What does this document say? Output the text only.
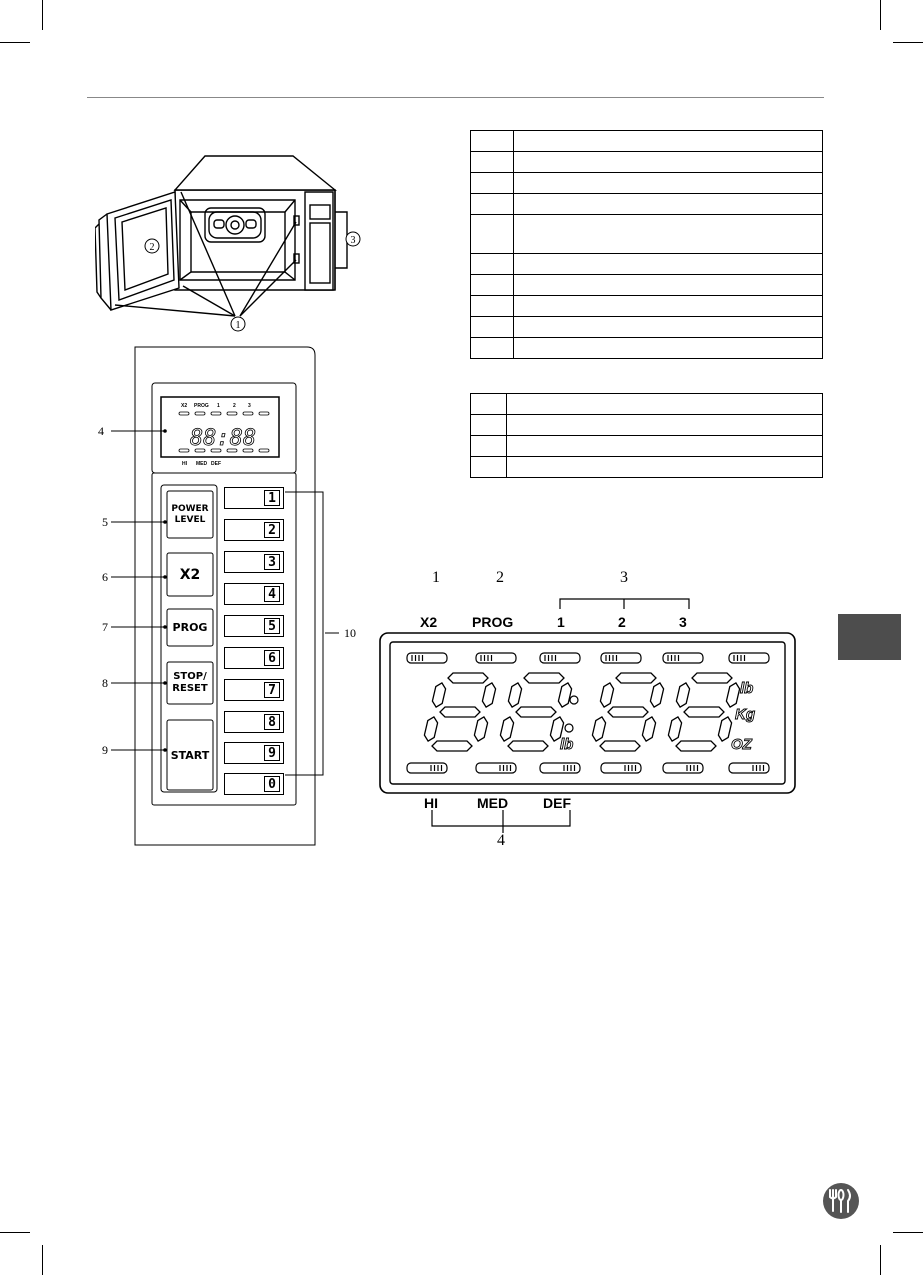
1
2
3

4
5
6
7
8
9
10
X2 PROG 1	2 3
HI MED DEF
88:88
POWER
LEVEL
X2
PROG
STOP/
RESET
START
1
2
3
4
5
6
7
8
9
0
1	2	3
4
X2 PROG	1	2	3
HI	MED DEF
lb
Kg
OZ
lb
